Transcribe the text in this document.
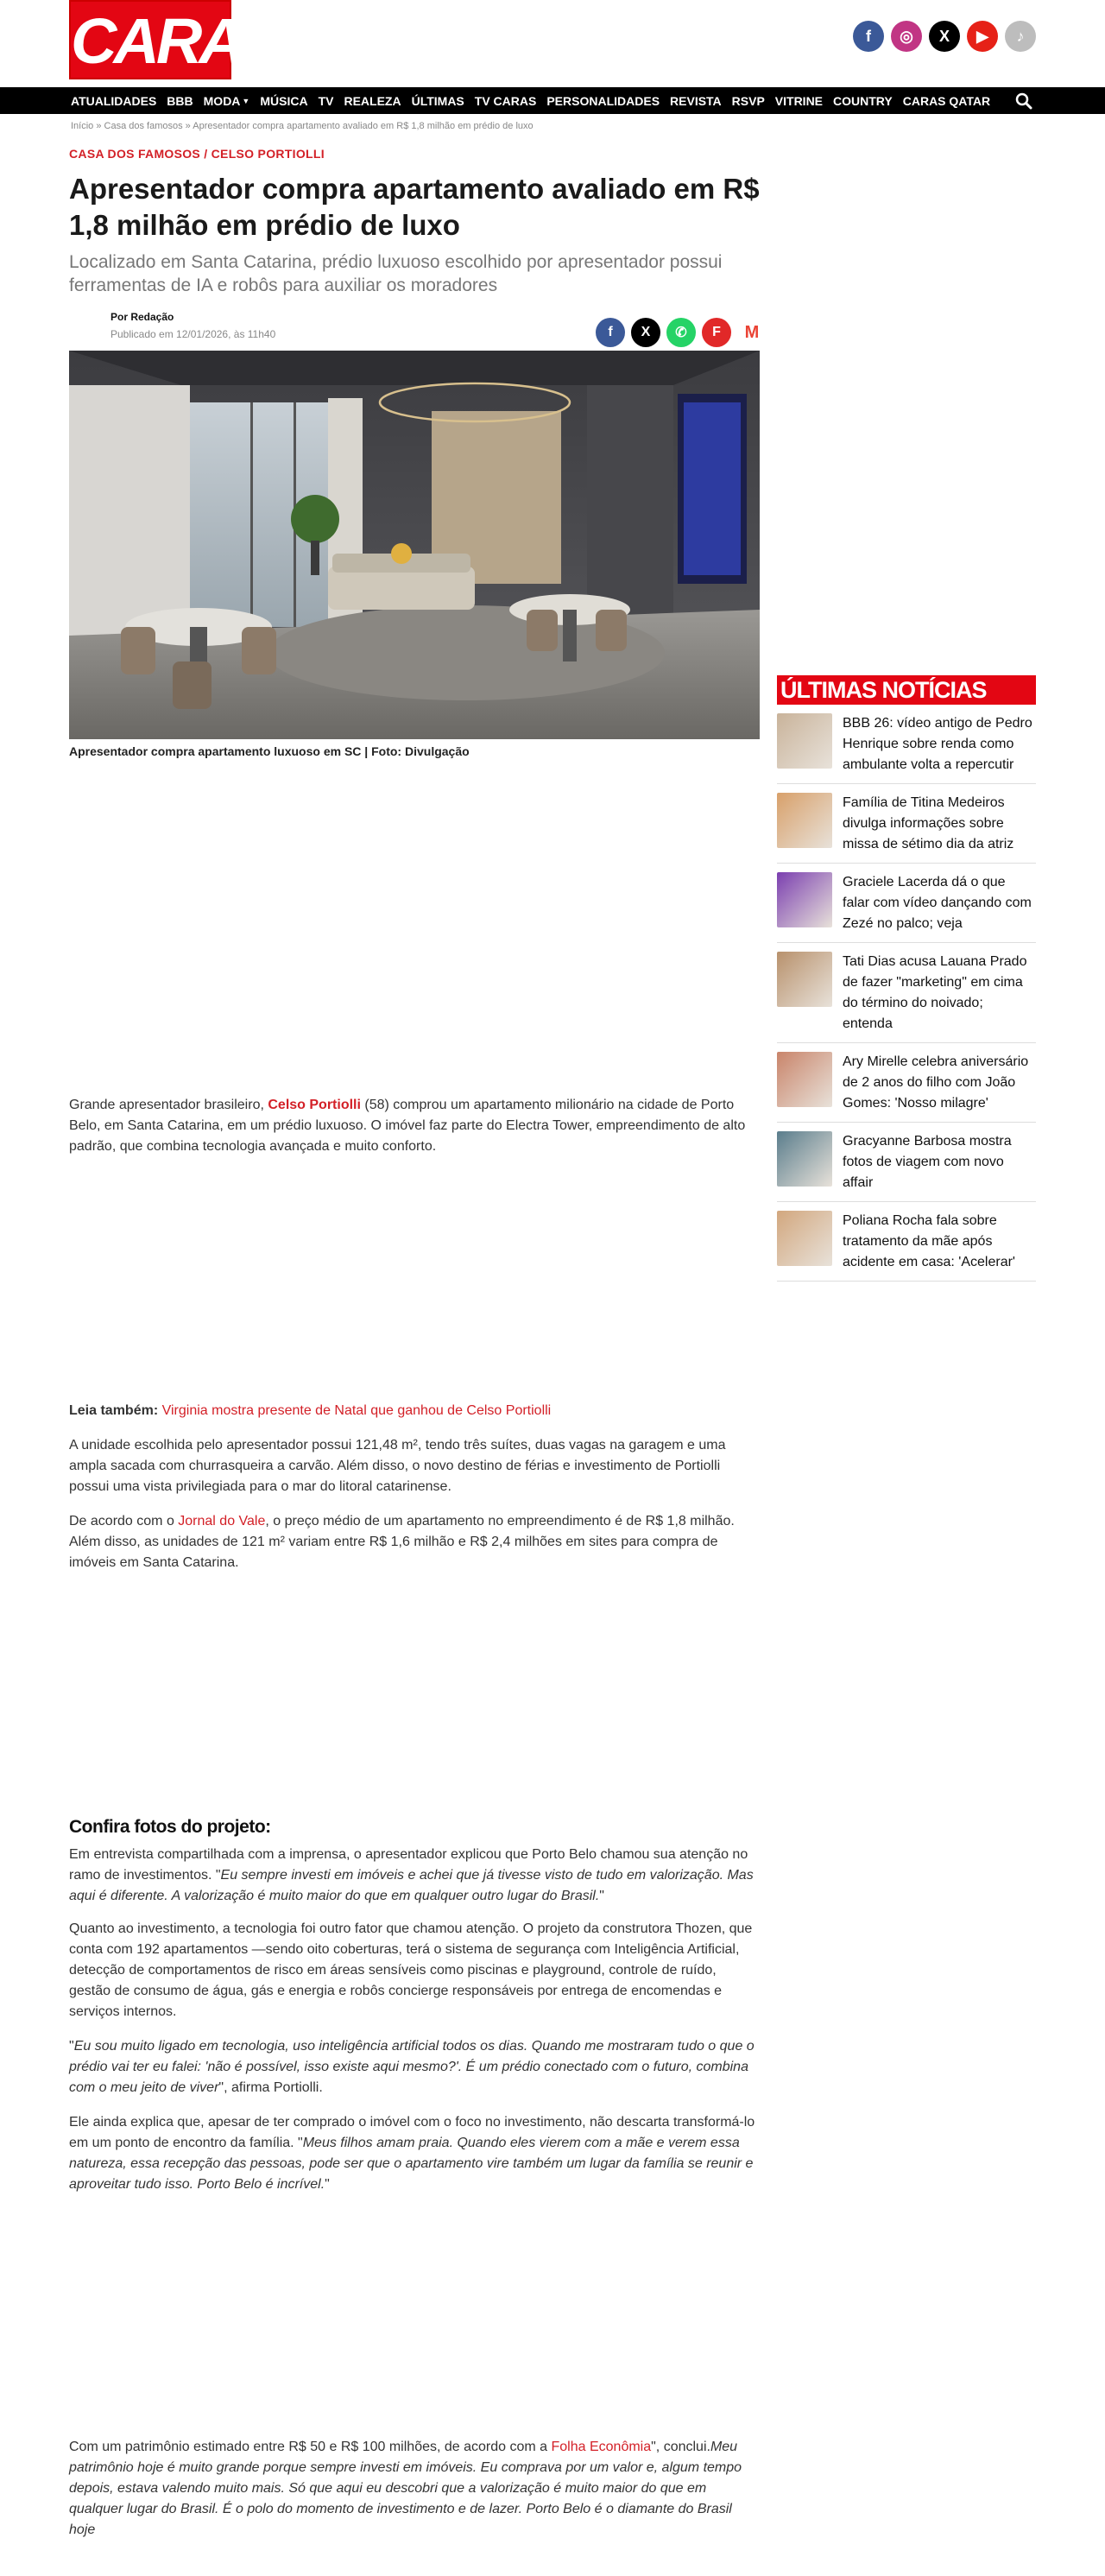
CARAS	f	◎	X	▶	♪
ATUALIDADES BBB MODA ▼ MÚSICA TV REALEZA ÚLTIMAS TV CARAS PERSONALIDADES REVISTA RSVP VITRINE COUNTRY CARAS QATAR
Início » Casa dos famosos » Apresentador compra apartamento avaliado em R$ 1,8 milhão em prédio de luxo
CASA DOS FAMOSOS / CELSO PORTIOLLI
Apresentador compra apartamento avaliado em R$ 1,8 milhão em prédio de luxo
Localizado em Santa Catarina, prédio luxuoso escolhido por apresentador possui ferramentas de IA e robôs para auxiliar os moradores
Por Redação
Publicado em 12/01/2026, às 11h40	f	X	✆	F	M
Apresentador compra apartamento luxuoso em SC | Foto: Divulgação
ÚLTIMAS NOTÍCIAS
BBB 26: vídeo antigo de Pedro Henrique sobre renda como ambulante volta a repercutir
Família de Titina Medeiros divulga informações sobre missa de sétimo dia da atriz
Graciele Lacerda dá o que falar com vídeo dançando com Zezé no palco; veja
Tati Dias acusa Lauana Prado de fazer "marketing" em cima do término do noivado; entenda
Ary Mirelle celebra aniversário de 2 anos do filho com João Gomes: 'Nosso milagre'
Gracyanne Barbosa mostra fotos de viagem com novo affair
Poliana Rocha fala sobre tratamento da mãe após acidente em casa: 'Acelerar'

Grande apresentador brasileiro, Celso Portiolli (58) comprou um apartamento milionário na cidade de Porto Belo, em Santa Catarina, em um prédio luxuoso. O imóvel faz parte do Electra Tower, empreendimento de alto padrão, que combina tecnologia avançada e muito conforto.

Leia também: Virginia mostra presente de Natal que ganhou de Celso Portiolli

A unidade escolhida pelo apresentador possui 121,48 m², tendo três suítes, duas vagas na garagem e uma ampla sacada com churrasqueira a carvão. Além disso, o novo destino de férias e investimento de Portiolli possui uma vista privilegiada para o mar do litoral catarinense.

De acordo com o Jornal do Vale, o preço médio de um apartamento no empreendimento é de R$ 1,8 milhão. Além disso, as unidades de 121 m² variam entre R$ 1,6 milhão e R$ 2,4 milhões em sites para compra de imóveis em Santa Catarina.

Confira fotos do projeto:

Em entrevista compartilhada com a imprensa, o apresentador explicou que Porto Belo chamou sua atenção no ramo de investimentos. "Eu sempre investi em imóveis e achei que já tivesse visto de tudo em valorização. Mas aqui é diferente. A valorização é muito maior do que em qualquer outro lugar do Brasil."

Quanto ao investimento, a tecnologia foi outro fator que chamou atenção. O projeto da construtora Thozen, que conta com 192 apartamentos —sendo oito coberturas, terá o sistema de segurança com Inteligência Artificial, detecção de comportamentos de risco em áreas sensíveis como piscinas e playground, controle de ruído, gestão de consumo de água, gás e energia e robôs concierge responsáveis por entrega de encomendas e serviços internos.

"Eu sou muito ligado em tecnologia, uso inteligência artificial todos os dias. Quando me mostraram tudo o que o prédio vai ter eu falei: 'não é possível, isso existe aqui mesmo?'. É um prédio conectado com o futuro, combina com o meu jeito de viver", afirma Portiolli.

Ele ainda explica que, apesar de ter comprado o imóvel com o foco no investimento, não descarta transformá-lo em um ponto de encontro da família. "Meus filhos amam praia. Quando eles vierem com a mãe e verem essa natureza, essa recepção das pessoas, pode ser que o apartamento vire também um lugar da família se reunir e aproveitar tudo isso. Porto Belo é incrível."

Com um patrimônio estimado entre R$ 50 e R$ 100 milhões, de acordo com a Folha Econômia", conclui.Meu patrimônio hoje é muito grande porque sempre investi em imóveis. Eu comprava por um valor e, algum tempo depois, estava valendo muito mais. Só que aqui eu descobri que a valorização é muito maior do que em qualquer lugar do Brasil. É o polo do momento de investimento e de lazer. Porto Belo é o diamante do Brasil hoje
